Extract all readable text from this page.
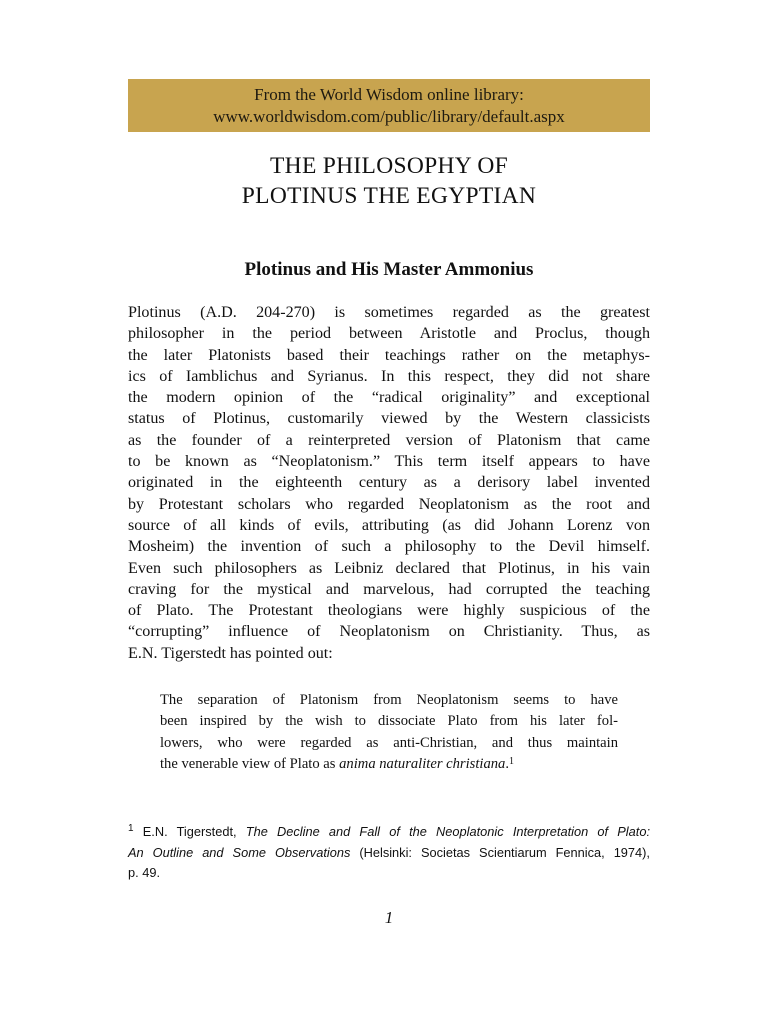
From the World Wisdom online library:
www.worldwisdom.com/public/library/default.aspx
THE PHILOSOPHY OF
PLOTINUS THE EGYPTIAN
Plotinus and His Master Ammonius
Plotinus (A.D. 204-270) is sometimes regarded as the greatest
philosopher in the period between Aristotle and Proclus, though
the later Platonists based their teachings rather on the metaphys-
ics of Iamblichus and Syrianus. In this respect, they did not share
the modern opinion of the “radical originality” and exceptional
status of Plotinus, customarily viewed by the Western classicists
as the founder of a reinterpreted version of Platonism that came
to be known as “Neoplatonism.” This term itself appears to have
originated in the eighteenth century as a derisory label invented
by Protestant scholars who regarded Neoplatonism as the root and
source of all kinds of evils, attributing (as did Johann Lorenz von
Mosheim) the invention of such a philosophy to the Devil himself.
Even such philosophers as Leibniz declared that Plotinus, in his vain
craving for the mystical and marvelous, had corrupted the teaching
of Plato. The Protestant theologians were highly suspicious of the
“corrupting” influence of Neoplatonism on Christianity. Thus, as
E.N. Tigerstedt has pointed out:
The separation of Platonism from Neoplatonism seems to have
been inspired by the wish to dissociate Plato from his later fol-
lowers, who were regarded as anti-Christian, and thus maintain
the venerable view of Plato as anima naturaliter christiana.$^1$
$^1$ E.N. Tigerstedt, The Decline and Fall of the Neoplatonic Interpretation of Plato:
An Outline and Some Observations (Helsinki: Societas Scientiarum Fennica, 1974),
p. 49.
1
